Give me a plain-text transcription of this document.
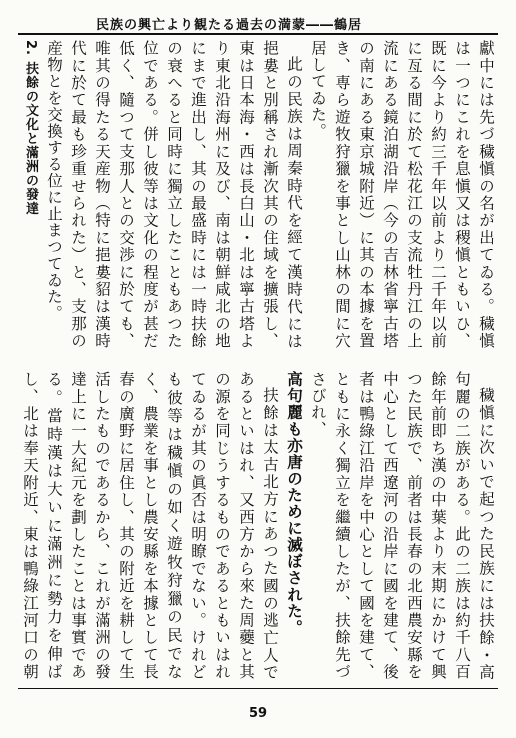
民族の興亡より観たる過去の満蒙――鶴居

獻中には先づ穢愼の名が出てゐる。穢愼は一つにこれを息愼又は稷愼ともいひ、既に今より約三千年以前より二千年以前に亙る間に於て松花江の支流牡丹江の上流にある鏡泊湖沿岸（今の吉林省寧古塔の南にある東京城附近）に其の本據を置き、専ら遊牧狩獵を事とし山林の間に穴居してゐた。

此の民族は周秦時代を經て漢時代には挹婁と別稱され漸次其の住域を擴張し、東は日本海・西は長白山・北は寧古塔より東北沿海州に及び、南は朝鮮咸北の地にまで進出し、其の最盛時には一時扶餘の衰へると同時に獨立したこともあつた位である。併し彼等は文化の程度が甚だ低く、隨つて支那人との交渉に於ても、唯其の得たる天産物（特に挹婁貂は漢時代に於て最も珍重せられた）と、支那の産物とを交換する位に止まつてゐた。

2. 扶餘の文化と滿洲の發達

穢愼に次いで起つた民族には扶餘・高句麗の二族がある。此の二族は約千八百餘年前即ち漢の中葉より末期にかけて興つた民族で、前者は長春の北西農安縣を中心として西遼河の沿岸に國を建て、後者は鴨綠江沿岸を中心として國を建て、ともに永く獨立を繼續したが、扶餘先づさびれ、

高句麗も亦唐のために滅ぼされた。

扶餘は太古北方にあつた國の逃亡人であるといはれ、又西方から來た周蘷と其の源を同じうするものであるともいはれてゐるが其の眞否は明瞭でない。けれども彼等は穢愼の如く遊牧狩獵の民でなく、農業を事とし農安縣を本據として長春の廣野に居住し、其の附近を耕して生活したものであるから、これが滿洲の發達上に一大紀元を劃したことは事實である。當時漢は大いに滿洲に勢力を伸ばし、北は奉天附近、東は鴨綠江河口の朝

59
